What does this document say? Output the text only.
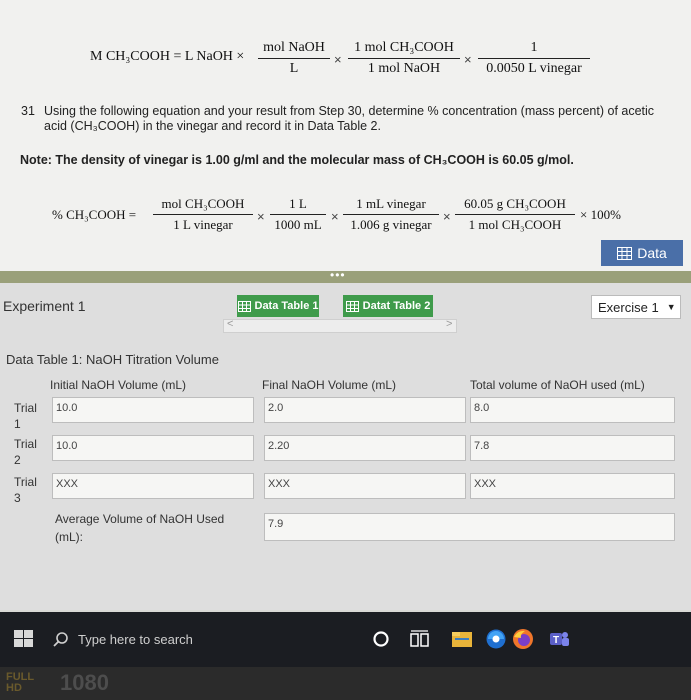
M CH₃COOH = L NaOH ×
mol NaOH
L
×
1 mol CH₃COOH
1 mol NaOH
×
1
0.0050 L vinegar
31 Using the following equation and your result from Step 30, determine % concentration (mass percent) of acetic
acid (CH₃COOH) in the vinegar and record it in Data Table 2.
Note: The density of vinegar is 1.00 g/ml and the molecular mass of CH₃COOH is 60.05 g/mol.
% CH₃COOH =
mol CH₃COOH
1 L vinegar
× $\frac{1 L}{1000 mL}$ ×
1 mL vinegar
1.006 g vinegar
×
60.05 g CH₃COOH
1 mol CH₃COOH
× 100%
Data
•••
Experiment 1	Data Table 1	Datat Table 2
<	>
Exercise 1 ▼
Data Table 1: NaOH Titration Volume
Initial NaOH Volume (mL)	Final NaOH Volume (mL)	Total volume of NaOH used (mL)
Trial 1
10.0	2.0	8.0
Trial 2
10.0	2.20	7.8
Trial 3
XXX	XXX	XXX
Average Volume of NaOH Used (mL):
7.9
Type here to search	T
FULL HD 1080
